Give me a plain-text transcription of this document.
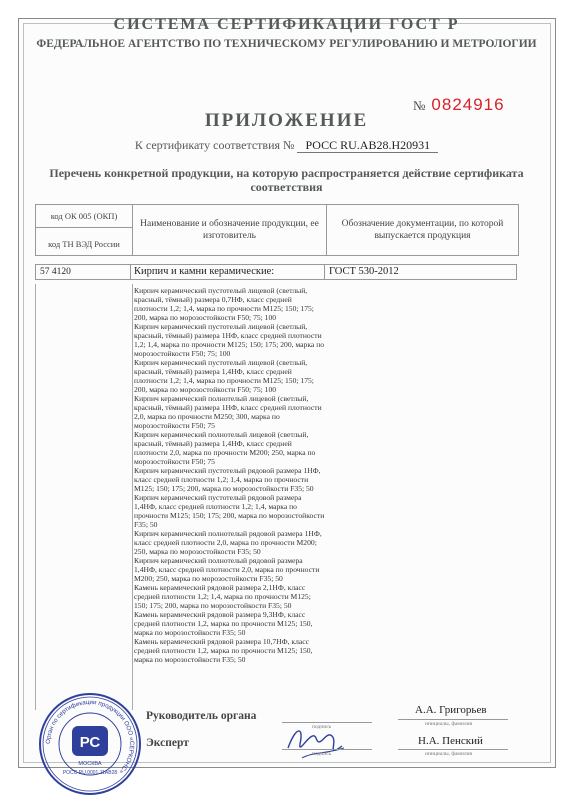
СИСТЕМА СЕРТИФИКАЦИИ ГОСТ Р
ФЕДЕРАЛЬНОЕ АГЕНТСТВО ПО ТЕХНИЧЕСКОМУ РЕГУЛИРОВАНИЮ И МЕТРОЛОГИИ
№ 0824916
ПРИЛОЖЕНИЕ
К сертификату соответствия № РОСС RU.AB28.H20931
Перечень конкретной продукции, на которую распространяется действие сертификата соответствия
код ОК 005 (ОКП)
код ТН ВЭД России
Наименование и обозначение продукции, ее изготовитель
Обозначение документации, по которой выпускается продукция
57 4120	Кирпич и камни керамические:	ГОСТ 530-2012

Кирпич керамический пустотелый лицевой (светлый, красный, тёмный) размера 0,7НФ, класс средней плотности 1,2; 1,4, марка по прочности М125; 150; 175; 200, марка по морозостойкости F50; 75; 100

Кирпич керамический пустотелый лицевой (светлый, красный, тёмный) размера 1НФ, класс средней плотности 1,2; 1,4, марка по прочности М125; 150; 175; 200, марка по морозостойкости F50; 75; 100

Кирпич керамический пустотелый лицевой (светлый, красный, тёмный) размера 1,4НФ, класс средней плотности 1,2; 1,4, марка по прочности М125; 150; 175; 200, марка по морозостойкости F50; 75; 100

Кирпич керамический полнотелый лицевой (светлый, красный, тёмный) размера 1НФ, класс средней плотности 2,0, марка по прочности М250; 300, марка по морозостойкости F50; 75

Кирпич керамический полнотелый лицевой (светлый, красный, тёмный) размера 1,4НФ, класс средней плотности 2,0, марка по прочности М200; 250, марка по морозостойкости F50; 75

Кирпич керамический пустотелый рядовой размера 1НФ, класс средней плотности 1,2; 1,4, марка по прочности М125; 150; 175; 200, марка по морозостойкости F35; 50

Кирпич керамический пустотелый рядовой размера 1,4НФ, класс средней плотности 1,2; 1,4, марка по прочности М125; 150; 175; 200, марка по морозостойкости F35; 50

Кирпич керамический полнотелый рядовой размера 1НФ, класс средней плотности 2,0, марка по прочности М200; 250, марка по морозостойкости F35; 50

Кирпич керамический полнотелый рядовой размера 1,4НФ, класс средней плотности 2,0, марка по прочности М200; 250, марка по морозостойкости F35; 50

Камень керамический рядовой размера 2,1НФ, класс средней плотности 1,2; 1,4, марка по прочности М125; 150; 175; 200, марка по морозостойкости F35; 50

Камень керамический рядовой размера 9,3НФ, класс средней плотности 1,2, марка по прочности М125; 150, марка по морозостойкости F35; 50

Камень керамический рядовой размера 10,7НФ, класс средней плотности 1,2, марка по прочности М125; 150, марка по морозостойкости F35; 50

Руководитель органа
подпись
А.А. Григорьев
инициалы, фамилия
Эксперт
подпись
Н.А. Пенский
инициалы, фамилия
Орган по сертификации продукции ООО «СЕРКОНС»
РС
МОСКВА
РОСС RU.0001.11АВ28
